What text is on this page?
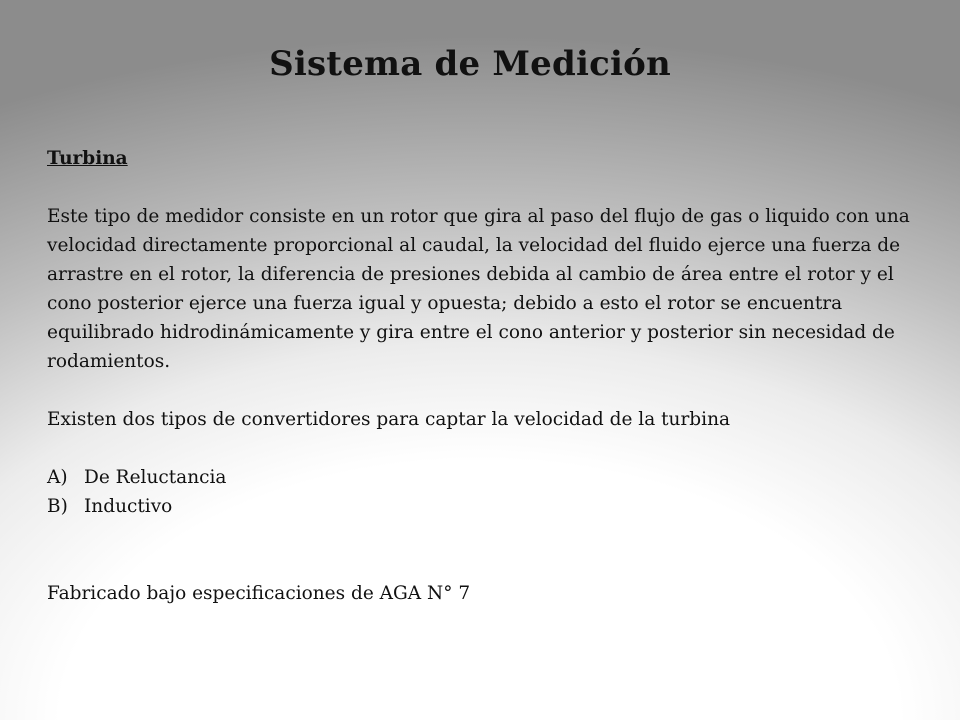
Sistema de Medición

Turbina

Este tipo de medidor consiste en un rotor que gira al paso del flujo de gas o liquido con una velocidad directamente proporcional al caudal, la velocidad del fluido ejerce una fuerza de arrastre en el rotor, la diferencia de presiones debida al cambio de área entre el rotor y el cono posterior ejerce una fuerza igual y opuesta; debido a esto el rotor se encuentra equilibrado hidrodinámicamente y gira entre el cono anterior y posterior sin necesidad de rodamientos.

Existen dos tipos de convertidores para captar la velocidad de la turbina

A) De Reluctancia
B) Inductivo

Fabricado bajo especificaciones de AGA N° 7
